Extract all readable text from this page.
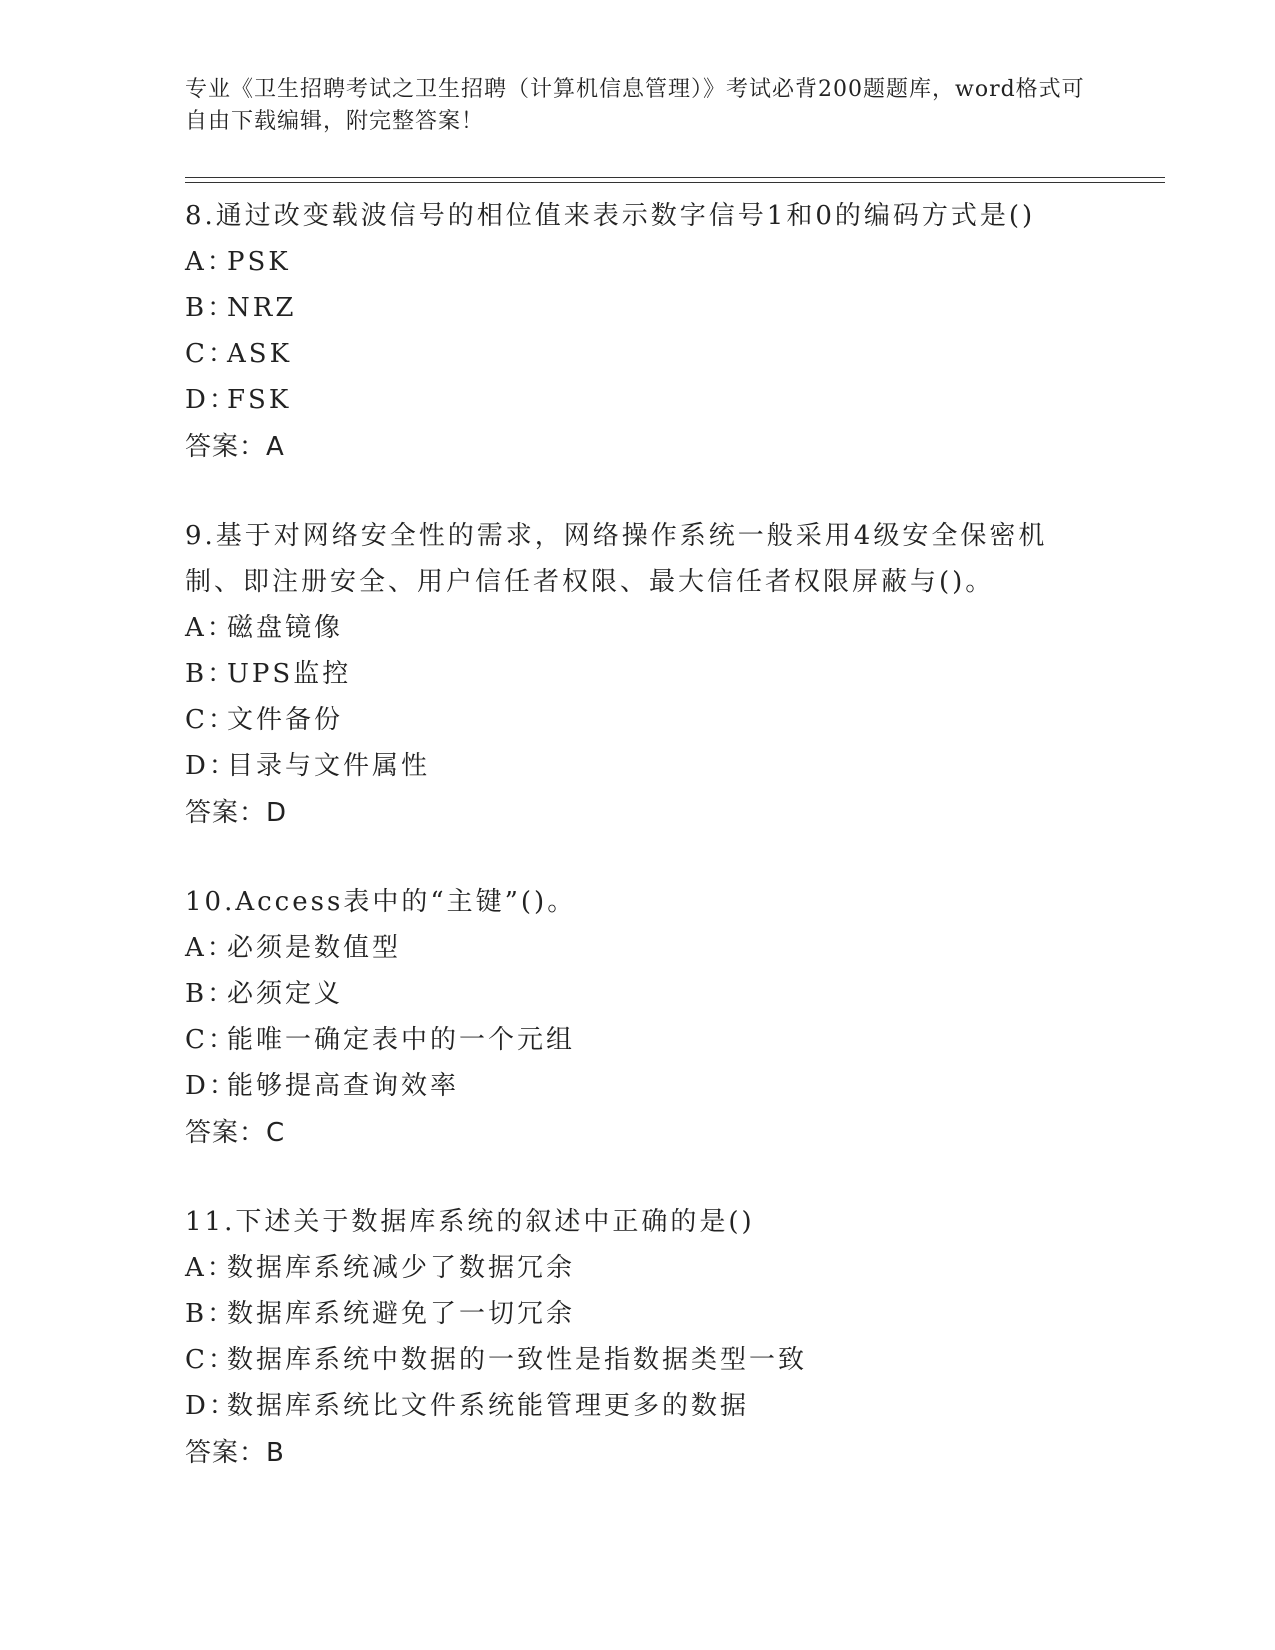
专业《卫生招聘考试之卫生招聘（计算机信息管理）》考试必背200题题库，word格式可自由下载编辑，附完整答案！
8.通过改变载波信号的相位值来表示数字信号1和0的编码方式是()
A：PSK
B：NRZ
C：ASK
D：FSK
答案：A
9.基于对网络安全性的需求，网络操作系统一般采用4级安全保密机制、即注册安全、用户信任者权限、最大信任者权限屏蔽与()。
A：磁盘镜像
B：UPS监控
C：文件备份
D：目录与文件属性
答案：D
10.Access表中的“主键”()。
A：必须是数值型
B：必须定义
C：能唯一确定表中的一个元组
D：能够提高查询效率
答案：C
11.下述关于数据库系统的叙述中正确的是()
A：数据库系统减少了数据冗余
B：数据库系统避免了一切冗余
C：数据库系统中数据的一致性是指数据类型一致
D：数据库系统比文件系统能管理更多的数据
答案：B
